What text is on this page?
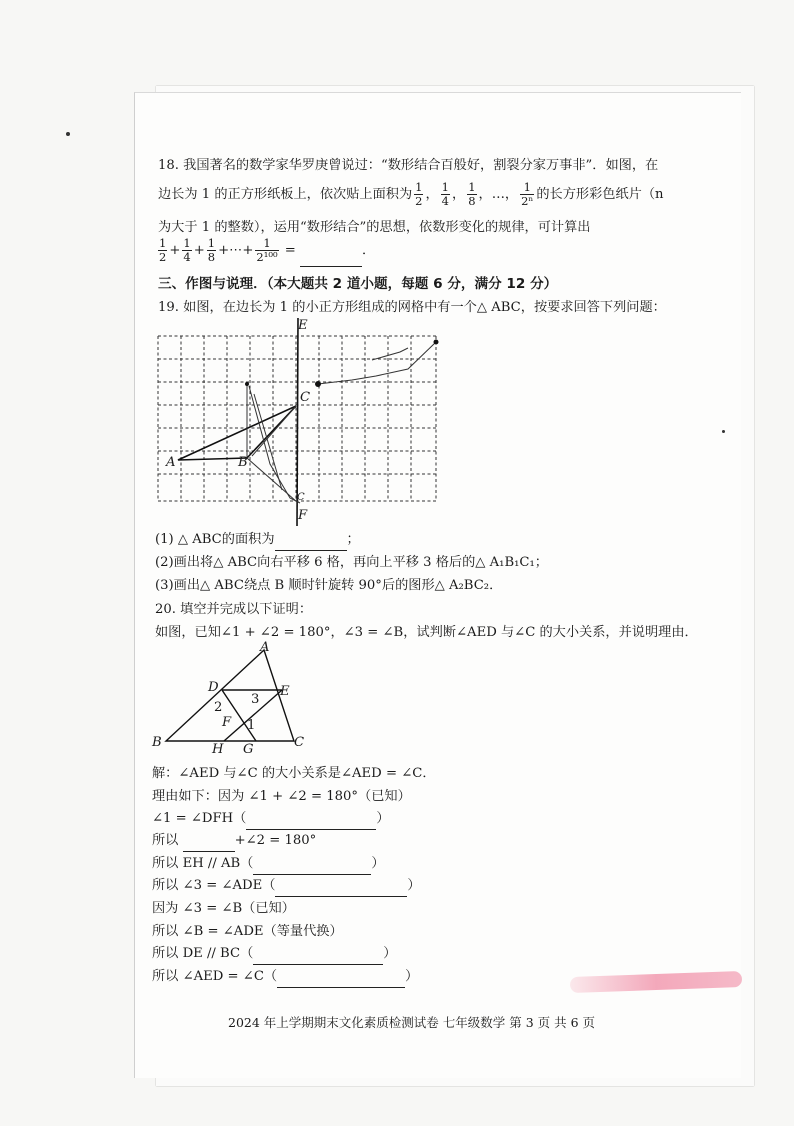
18. 我国著名的数学家华罗庚曾说过：“数形结合百般好，割裂分家万事非”．如图，在
边长为 1 的正方形纸板上，依次贴上面积为 $\frac{1}{2}$ ， $\frac{1}{4}$ ， $\frac{1}{8}$ ，…， $\frac{1}{\text{2ⁿ}}$ 的长方形彩色纸片（n
为大于 1 的整数），运用“数形结合”的思想，依数形变化的规律，可计算出
$\frac{1}{2} + \frac{1}{4} + \frac{1}{8}$ +⋯+ $\frac{1}{\text{2¹⁰⁰}}$ =	．
三、作图与说理．（本大题共 2 道小题，每题 6 分，满分 12 分）
19. 如图，在边长为 1 的小正方形组成的网格中有一个△ ABC，按要求回答下列问题：
E
F
A	B
C
C
(1) △ ABC的面积为	；
(2)画出将△ ABC向右平移 6 格，再向上平移 3 格后的△ A₁B₁C₁；
(3)画出△ ABC绕点 B 顺时针旋转 90°后的图形△ A₂BC₂．
20. 填空并完成以下证明：
如图，已知∠1 + ∠2 = 180°，∠3 = ∠B，试判断∠AED 与∠C 的大小关系，并说明理由．
A
D	E
3
2
F 1
B	H G	C
解：∠AED 与∠C 的大小关系是∠AED = ∠C．
理由如下：因为 ∠1 + ∠2 = 180°（已知）
∠1 = ∠DFH（	）
所以	+∠2 = 180°
所以 EH // AB（	）
所以 ∠3 = ∠ADE（	）
因为 ∠3 = ∠B（已知）
所以 ∠B = ∠ADE（等量代换）
所以 DE // BC（	）
所以 ∠AED = ∠C（	）
2024 年上学期期末文化素质检测试卷 七年级数学 第 3 页 共 6 页
